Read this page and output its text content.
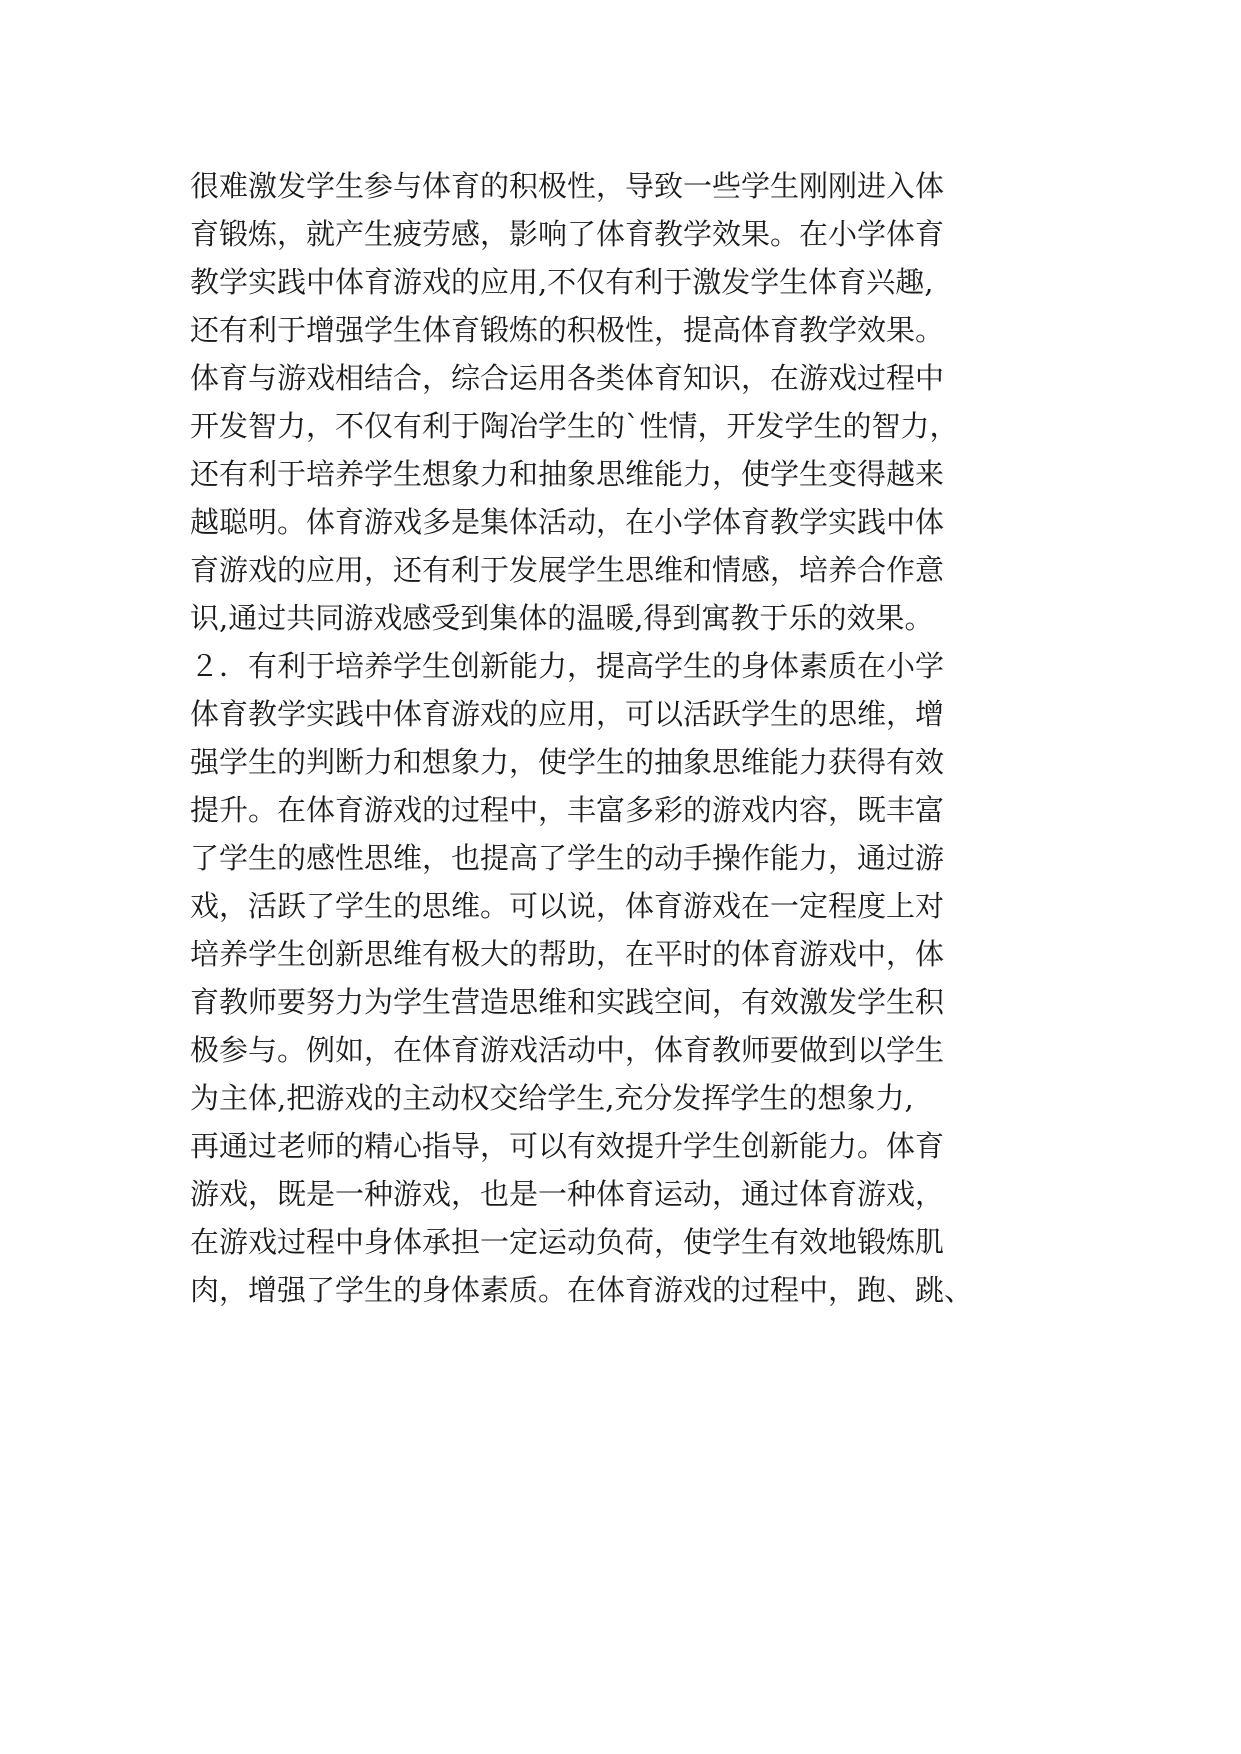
很难激发学生参与体育的积极性，导致一些学生刚刚进入体
育锻炼，就产生疲劳感，影响了体育教学效果。在小学体育
教学实践中体育游戏的应用,不仅有利于激发学生体育兴趣,
还有利于增强学生体育锻炼的积极性，提高体育教学效果。
体育与游戏相结合，综合运用各类体育知识，在游戏过程中
开发智力，不仅有利于陶冶学生的`性情，开发学生的智力，
还有利于培养学生想象力和抽象思维能力，使学生变得越来
越聪明。体育游戏多是集体活动，在小学体育教学实践中体
育游戏的应用，还有利于发展学生思维和情感，培养合作意
识,通过共同游戏感受到集体的温暖,得到寓教于乐的效果。
２．有利于培养学生创新能力，提高学生的身体素质在小学
体育教学实践中体育游戏的应用，可以活跃学生的思维，增
强学生的判断力和想象力，使学生的抽象思维能力获得有效
提升。在体育游戏的过程中，丰富多彩的游戏内容，既丰富
了学生的感性思维，也提高了学生的动手操作能力，通过游
戏，活跃了学生的思维。可以说，体育游戏在一定程度上对
培养学生创新思维有极大的帮助，在平时的体育游戏中，体
育教师要努力为学生营造思维和实践空间，有效激发学生积
极参与。例如，在体育游戏活动中，体育教师要做到以学生
为主体,把游戏的主动权交给学生,充分发挥学生的想象力,
再通过老师的精心指导，可以有效提升学生创新能力。体育
游戏，既是一种游戏，也是一种体育运动，通过体育游戏，
在游戏过程中身体承担一定运动负荷，使学生有效地锻炼肌
肉，增强了学生的身体素质。在体育游戏的过程中，跑、跳、
